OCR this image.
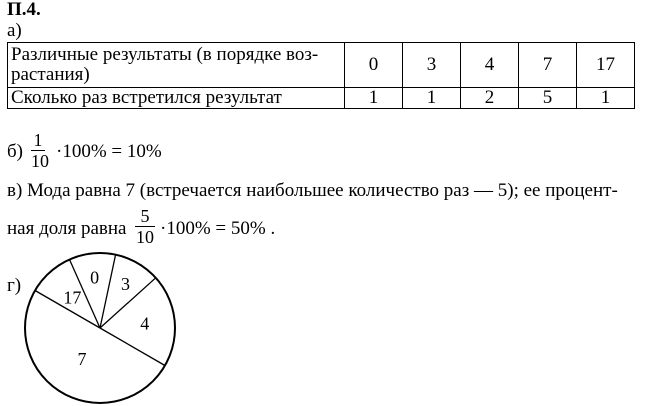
П.4.
а)
Различные результаты (в порядке воз-
растания)	0	3	4	7	17
Сколько раз встретился результат	1	1	2	5	1
$б) \frac{1}{10} \cdot 100\% = 10\%$
в) Мода равна 7 (встречается наибольшее количество раз — 5); ее процент-
ная доля равна $\frac{5}{10} \cdot 100\% = 50\%$ .
г)
17
0 3
4
7
